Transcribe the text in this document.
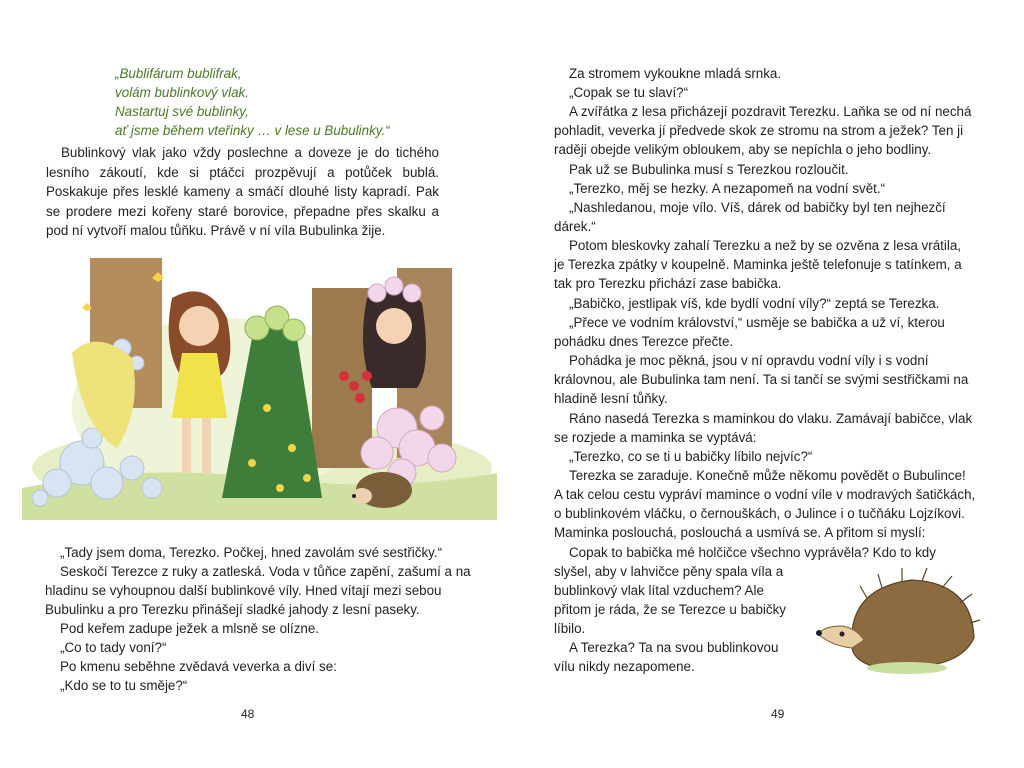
„Bublifárum bublifrak,
volám bublinkový vlak.
Nastartuj své bublinky,
ať jsme během vteřinky … v lese u Bubulinky.“
Bublinkový vlak jako vždy poslechne a doveze je do tichého lesního zákoutí, kde si ptáčci prozpěvují a potůček bublá. Poskakuje přes lesklé kameny a smáčí dlouhé listy kapradí. Pak se prodere mezi kořeny staré borovice, přepadne přes skalku a pod ní vytvoří malou tůňku. Právě v ní víla Bubulinka žije.
„Tady jsem doma, Terezko. Počkej, hned zavolám své sestřičky.“
Seskočí Terezce z ruky a zatleská. Voda v tůňce zapění, zašumí a na
hladinu se vyhoupnou další bublinkové víly. Hned vítají mezi sebou
Bubulinku a pro Terezku přinášejí sladké jahody z lesní paseky.
Pod keřem zadupe ježek a mlsně se olízne.
„Co to tady voní?“
Po kmenu seběhne zvědavá veverka a diví se:
„Kdo se to tu směje?“
48
Za stromem vykoukne mladá srnka.
„Copak se tu slaví?“
A zvířátka z lesa přicházejí pozdravit Terezku. Laňka se od ní nechá
pohladit, veverka jí předvede skok ze stromu na strom a ježek? Ten ji
raději obejde velikým obloukem, aby se nepíchla o jeho bodliny.
Pak už se Bubulinka musí s Terezkou rozloučit.
„Terezko, měj se hezky. A nezapomeň na vodní svět.“
„Nashledanou, moje vílo. Víš, dárek od babičky byl ten nejhezčí
dárek.“
Potom bleskovky zahalí Terezku a než by se ozvěna z lesa vrátila,
je Terezka zpátky v koupelně. Maminka ještě telefonuje s tatínkem, a
tak pro Terezku přichází zase babička.
„Babičko, jestlipak víš, kde bydlí vodní víly?“ zeptá se Terezka.
„Přece ve vodním království,“ usměje se babička a už ví, kterou
pohádku dnes Terezce přečte.
Pohádka je moc pěkná, jsou v ní opravdu vodní víly i s vodní
královnou, ale Bubulinka tam není. Ta si tančí se svými sestřičkami na
hladině lesní tůňky.
Ráno nasedá Terezka s maminkou do vlaku. Zamávají babičce, vlak
se rozjede a maminka se vyptává:
„Terezko, co se ti u babičky líbilo nejvíc?“
Terezka se zaraduje. Konečně může někomu povědět o Bubulince!
A tak celou cestu vypráví mamince o vodní víle v modravých šatičkách,
o bublinkovém vláčku, o černouškách, o Julince i o tučňáku Lojzíkovi.
Maminka poslouchá, poslouchá a usmívá se. A přitom si myslí:
Copak to babička mé holčičce všechno vyprávěla? Kdo to kdy
slyšel, aby v lahvičce pěny spala víla a
bublinkový vlak lítal vzduchem? Ale
přitom je ráda, že se Terezce u babičky
líbilo.
A Terezka? Ta na svou bublinkovou
vílu nikdy nezapomene.
49
